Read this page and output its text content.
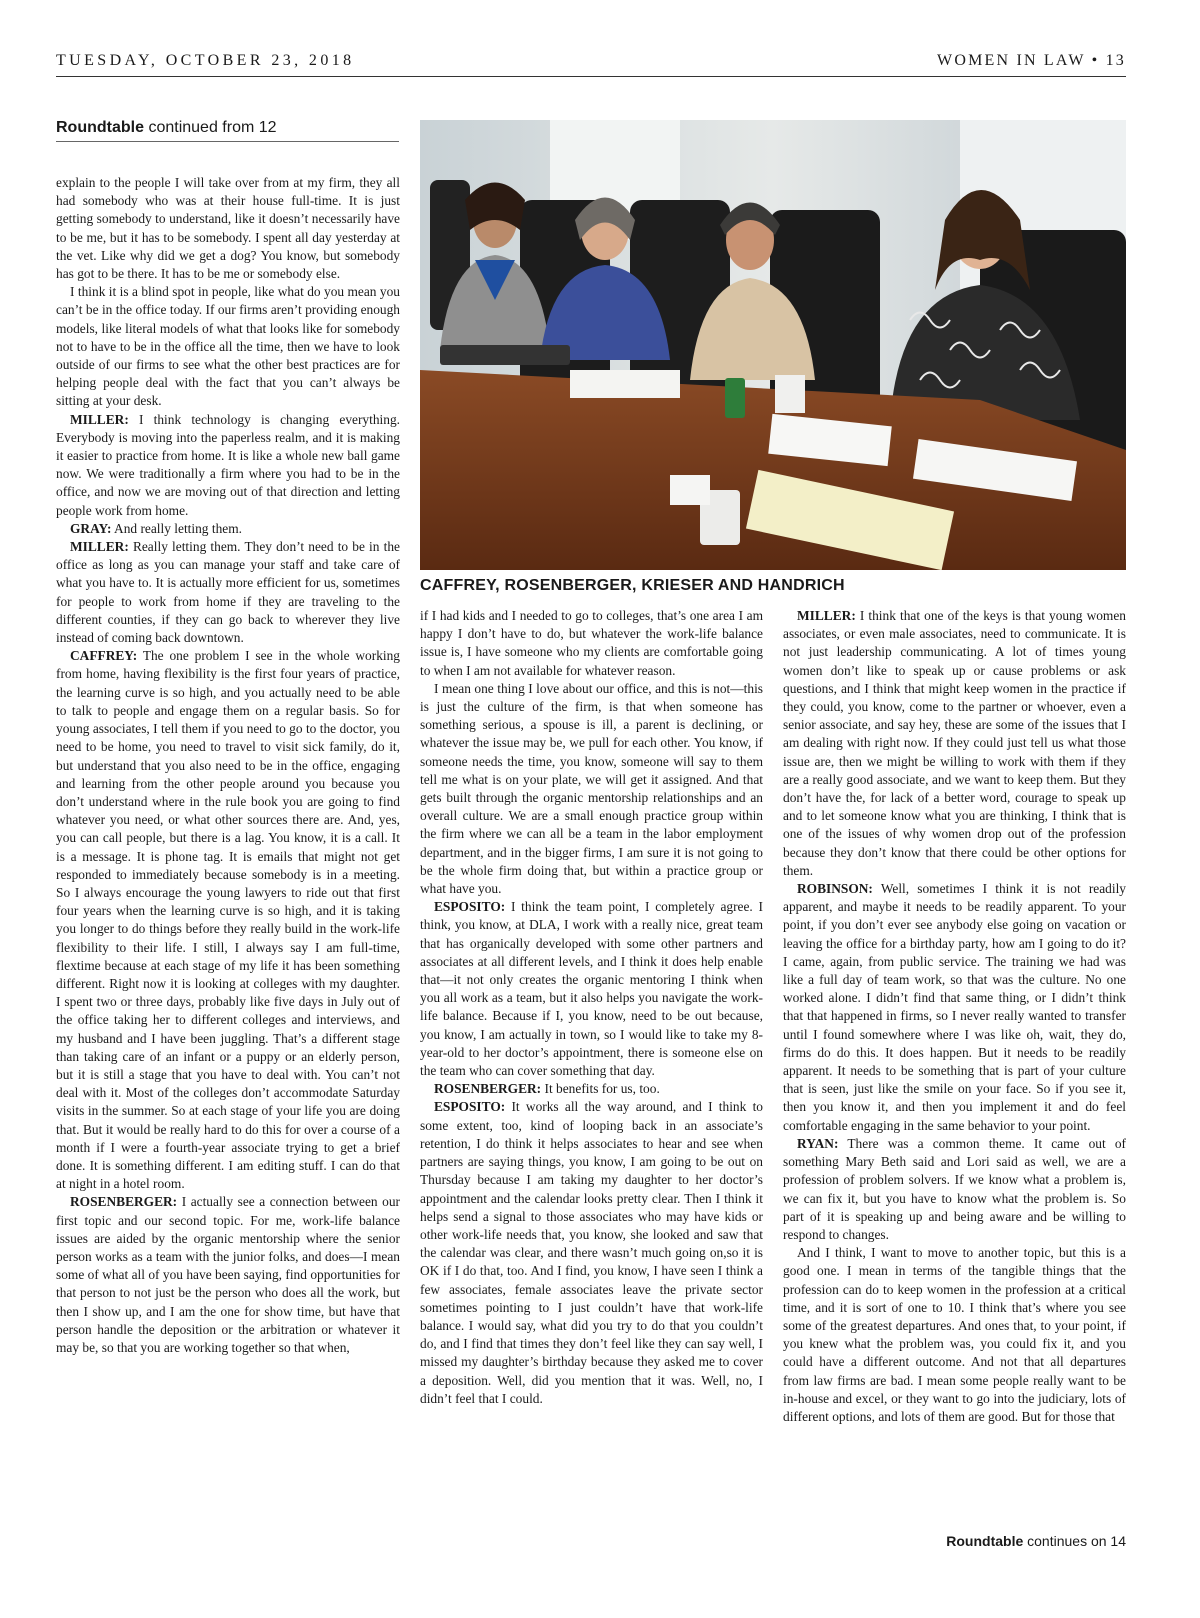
TUESDAY, OCTOBER 23, 2018	WOMEN IN LAW • 13
Roundtable continued from 12

explain to the people I will take over from at my firm, they all had somebody who was at their house full-time. It is just getting somebody to understand, like it doesn’t necessarily have to be me, but it has to be somebody. I spent all day yesterday at the vet. Like why did we get a dog? You know, but somebody has got to be there. It has to be me or somebody else.

I think it is a blind spot in people, like what do you mean you can’t be in the office today. If our firms aren’t providing enough models, like literal models of what that looks like for somebody not to have to be in the office all the time, then we have to look outside of our firms to see what the other best practices are for helping people deal with the fact that you can’t always be sitting at your desk.

MILLER: I think technology is changing everything. Everybody is moving into the paperless realm, and it is making it easier to practice from home. It is like a whole new ball game now. We were traditionally a firm where you had to be in the office, and now we are moving out of that direction and letting people work from home.

GRAY: And really letting them.

MILLER: Really letting them. They don’t need to be in the office as long as you can manage your staff and take care of what you have to. It is actually more efficient for us, sometimes for people to work from home if they are traveling to the different counties, if they can go back to wherever they live instead of coming back downtown.

CAFFREY: The one problem I see in the whole working from home, having flexibility is the first four years of practice, the learning curve is so high, and you actually need to be able to talk to people and engage them on a regular basis. So for young associates, I tell them if you need to go to the doctor, you need to be home, you need to travel to visit sick family, do it, but understand that you also need to be in the office, engaging and learning from the other people around you because you don’t understand where in the rule book you are going to find whatever you need, or what other sources there are. And, yes, you can call people, but there is a lag. You know, it is a call. It is a message. It is phone tag. It is emails that might not get responded to immediately because somebody is in a meeting. So I always encourage the young lawyers to ride out that first four years when the learning curve is so high, and it is taking you longer to do things before they really build in the work-life flexibility to their life. I still, I always say I am full-time, flextime because at each stage of my life it has been something different. Right now it is looking at colleges with my daughter. I spent two or three days, probably like five days in July out of the office taking her to different colleges and interviews, and my husband and I have been juggling. That’s a different stage than taking care of an infant or a puppy or an elderly person, but it is still a stage that you have to deal with. You can’t not deal with it. Most of the colleges don’t accommodate Saturday visits in the summer. So at each stage of your life you are doing that. But it would be really hard to do this for over a course of a month if I were a fourth-year associate trying to get a brief done. It is something different. I am editing stuff. I can do that at night in a hotel room.

ROSENBERGER: I actually see a connection between our first topic and our second topic. For me, work-life balance issues are aided by the organic mentorship where the senior person works as a team with the junior folks, and does—I mean some of what all of you have been saying, find opportunities for that person to not just be the person who does all the work, but then I show up, and I am the one for show time, but have that person handle the deposition or the arbitration or whatever it may be, so that you are working together so that when,

CAFFREY, ROSENBERGER, KRIESER AND HANDRICH

if I had kids and I needed to go to colleges, that’s one area I am happy I don’t have to do, but whatever the work-life balance issue is, I have someone who my clients are comfortable going to when I am not available for whatever reason.

I mean one thing I love about our office, and this is not—this is just the culture of the firm, is that when someone has something serious, a spouse is ill, a parent is declining, or whatever the issue may be, we pull for each other. You know, if someone needs the time, you know, someone will say to them tell me what is on your plate, we will get it assigned. And that gets built through the organic mentorship relationships and an overall culture. We are a small enough practice group within the firm where we can all be a team in the labor employment department, and in the bigger firms, I am sure it is not going to be the whole firm doing that, but within a practice group or what have you.

ESPOSITO: I think the team point, I completely agree. I think, you know, at DLA, I work with a really nice, great team that has organically developed with some other partners and associates at all different levels, and I think it does help enable that—it not only creates the organic mentoring I think when you all work as a team, but it also helps you navigate the work-life balance. Because if I, you know, need to be out because, you know, I am actually in town, so I would like to take my 8-year-old to her doctor’s appointment, there is someone else on the team who can cover something that day.

ROSENBERGER: It benefits for us, too.

ESPOSITO: It works all the way around, and I think to some extent, too, kind of looping back in an associate’s retention, I do think it helps associates to hear and see when partners are saying things, you know, I am going to be out on Thursday because I am taking my daughter to her doctor’s appointment and the calendar looks pretty clear. Then I think it helps send a signal to those associates who may have kids or other work-life needs that, you know, she looked and saw that the calendar was clear, and there wasn’t much going on,so it is OK if I do that, too. And I find, you know, I have seen I think a few associates, female associates leave the private sector sometimes pointing to I just couldn’t have that work-life balance. I would say, what did you try to do that you couldn’t do, and I find that times they don’t feel like they can say well, I missed my daughter’s birthday because they asked me to cover a deposition. Well, did you mention that it was. Well, no, I didn’t feel that I could.

MILLER: I think that one of the keys is that young women associates, or even male associates, need to communicate. It is not just leadership communicating. A lot of times young women don’t like to speak up or cause problems or ask questions, and I think that might keep women in the practice if they could, you know, come to the partner or whoever, even a senior associate, and say hey, these are some of the issues that I am dealing with right now. If they could just tell us what those issue are, then we might be willing to work with them if they are a really good associate, and we want to keep them. But they don’t have the, for lack of a better word, courage to speak up and to let someone know what you are thinking, I think that is one of the issues of why women drop out of the profession because they don’t know that there could be other options for them.

ROBINSON: Well, sometimes I think it is not readily apparent, and maybe it needs to be readily apparent. To your point, if you don’t ever see anybody else going on vacation or leaving the office for a birthday party, how am I going to do it? I came, again, from public service. The training we had was like a full day of team work, so that was the culture. No one worked alone. I didn’t find that same thing, or I didn’t think that that happened in firms, so I never really wanted to transfer until I found somewhere where I was like oh, wait, they do, firms do do this. It does happen. But it needs to be readily apparent. It needs to be something that is part of your culture that is seen, just like the smile on your face. So if you see it, then you know it, and then you implement it and do feel comfortable engaging in the same behavior to your point.

RYAN: There was a common theme. It came out of something Mary Beth said and Lori said as well, we are a profession of problem solvers. If we know what a problem is, we can fix it, but you have to know what the problem is. So part of it is speaking up and being aware and be willing to respond to changes.

And I think, I want to move to another topic, but this is a good one. I mean in terms of the tangible things that the profession can do to keep women in the profession at a critical time, and it is sort of one to 10. I think that’s where you see some of the greatest departures. And ones that, to your point, if you knew what the problem was, you could fix it, and you could have a different outcome. And not that all departures from law firms are bad. I mean some people really want to be in-house and excel, or they want to go into the judiciary, lots of different options, and lots of them are good. But for those that

Roundtable continues on 14
